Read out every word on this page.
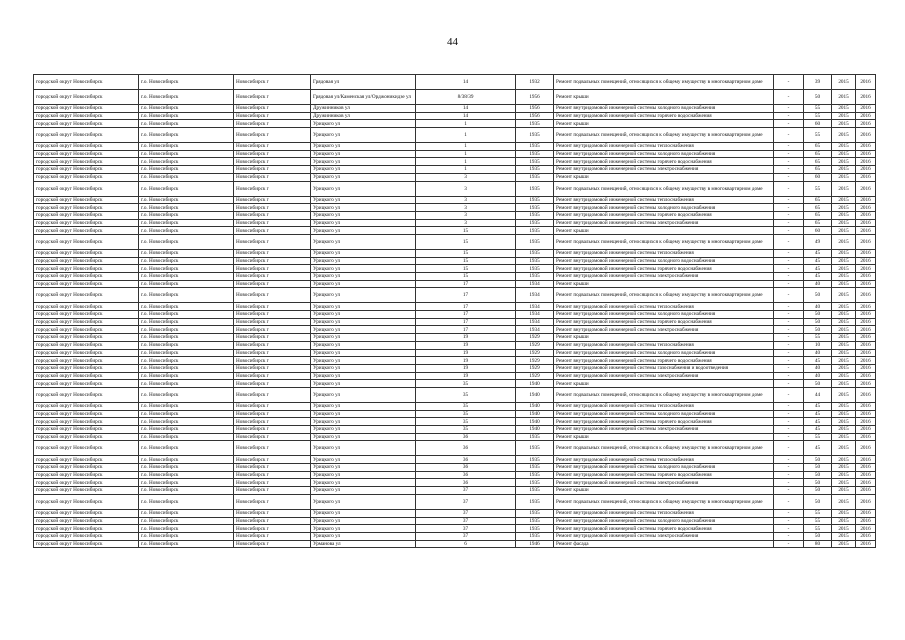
44
городской округ Новосибирск	г.о. Новосибирск	Новосибирск г	Грядовая ул	14	1932	Ремонт подвальных помещений, относящихся к общему имуществу в многоквартирном доме	-	39	2015	2016
городской округ Новосибирск	г.о. Новосибирск	Новосибирск г	Грядовая ул/Каменская ул/Орджоникидзе ул	8/38/39	1956	Ремонт крыши	-	50	2015	2016
городской округ Новосибирск	г.о. Новосибирск	Новосибирск г	Дружинников ул	14	1956	Ремонт внутридомовой инженерной системы холодного водоснабжения	-	55	2015	2016
городской округ Новосибирск	г.о. Новосибирск	Новосибирск г	Дружинников ул	14	1956	Ремонт внутридомовой инженерной системы горячего водоснабжения	-	55	2015	2016
городской округ Новосибирск	г.о. Новосибирск	Новосибирск г	Урицкого ул	1	1935	Ремонт крыши	-	60	2015	2016
городской округ Новосибирск	г.о. Новосибирск	Новосибирск г	Урицкого ул	1	1935	Ремонт подвальных помещений, относящихся к общему имуществу в многоквартирном доме	-	55	2015	2016
городской округ Новосибирск	г.о. Новосибирск	Новосибирск г	Урицкого ул	1	1935	Ремонт внутридомовой инженерной системы теплоснабжения	-	65	2015	2016
городской округ Новосибирск	г.о. Новосибирск	Новосибирск г	Урицкого ул	1	1935	Ремонт внутридомовой инженерной системы холодного водоснабжения	-	65	2015	2016
городской округ Новосибирск	г.о. Новосибирск	Новосибирск г	Урицкого ул	1	1935	Ремонт внутридомовой инженерной системы горячего водоснабжения	-	65	2015	2016
городской округ Новосибирск	г.о. Новосибирск	Новосибирск г	Урицкого ул	1	1935	Ремонт внутридомовой инженерной системы электроснабжения	-	65	2015	2016
городской округ Новосибирск	г.о. Новосибирск	Новосибирск г	Урицкого ул	3	1935	Ремонт крыши	-	60	2015	2016
городской округ Новосибирск	г.о. Новосибирск	Новосибирск г	Урицкого ул	3	1935	Ремонт подвальных помещений, относящихся к общему имуществу в многоквартирном доме	-	55	2015	2016
городской округ Новосибирск	г.о. Новосибирск	Новосибирск г	Урицкого ул	3	1935	Ремонт внутридомовой инженерной системы теплоснабжения	-	65	2015	2016
городской округ Новосибирск	г.о. Новосибирск	Новосибирск г	Урицкого ул	3	1935	Ремонт внутридомовой инженерной системы холодного водоснабжения	-	65	2015	2016
городской округ Новосибирск	г.о. Новосибирск	Новосибирск г	Урицкого ул	3	1935	Ремонт внутридомовой инженерной системы горячего водоснабжения	-	65	2015	2016
городской округ Новосибирск	г.о. Новосибирск	Новосибирск г	Урицкого ул	3	1935	Ремонт внутридомовой инженерной системы электроснабжения	-	65	2015	2016
городской округ Новосибирск	г.о. Новосибирск	Новосибирск г	Урицкого ул	15	1935	Ремонт крыши	-	60	2015	2016
городской округ Новосибирск	г.о. Новосибирск	Новосибирск г	Урицкого ул	15	1935	Ремонт подвальных помещений, относящихся к общему имуществу в многоквартирном доме	-	49	2015	2016
городской округ Новосибирск	г.о. Новосибирск	Новосибирск г	Урицкого ул	15	1935	Ремонт внутридомовой инженерной системы теплоснабжения	-	45	2015	2016
городской округ Новосибирск	г.о. Новосибирск	Новосибирск г	Урицкого ул	15	1935	Ремонт внутридомовой инженерной системы холодного водоснабжения	-	45	2015	2016
городской округ Новосибирск	г.о. Новосибирск	Новосибирск г	Урицкого ул	15	1935	Ремонт внутридомовой инженерной системы горячего водоснабжения	-	45	2015	2016
городской округ Новосибирск	г.о. Новосибирск	Новосибирск г	Урицкого ул	15	1935	Ремонт внутридомовой инженерной системы электроснабжения	-	45	2015	2016
городской округ Новосибирск	г.о. Новосибирск	Новосибирск г	Урицкого ул	17	1934	Ремонт крыши	-	40	2015	2016
городской округ Новосибирск	г.о. Новосибирск	Новосибирск г	Урицкого ул	17	1934	Ремонт подвальных помещений, относящихся к общему имуществу в многоквартирном доме	-	50	2015	2016
городской округ Новосибирск	г.о. Новосибирск	Новосибирск г	Урицкого ул	17	1934	Ремонт внутридомовой инженерной системы теплоснабжения	-	40	2015	2016
городской округ Новосибирск	г.о. Новосибирск	Новосибирск г	Урицкого ул	17	1934	Ремонт внутридомовой инженерной системы холодного водоснабжения	-	50	2015	2016
городской округ Новосибирск	г.о. Новосибирск	Новосибирск г	Урицкого ул	17	1934	Ремонт внутридомовой инженерной системы горячего водоснабжения	-	50	2015	2016
городской округ Новосибирск	г.о. Новосибирск	Новосибирск г	Урицкого ул	17	1934	Ремонт внутридомовой инженерной системы электроснабжения	-	50	2015	2016
городской округ Новосибирск	г.о. Новосибирск	Новосибирск г	Урицкого ул	19	1929	Ремонт крыши	-	55	2015	2016
городской округ Новосибирск	г.о. Новосибирск	Новосибирск г	Урицкого ул	19	1929	Ремонт внутридомовой инженерной системы теплоснабжения	-	10	2015	2016
городской округ Новосибирск	г.о. Новосибирск	Новосибирск г	Урицкого ул	19	1929	Ремонт внутридомовой инженерной системы холодного водоснабжения	-	40	2015	2016
городской округ Новосибирск	г.о. Новосибирск	Новосибирск г	Урицкого ул	19	1929	Ремонт внутридомовой инженерной системы горячего водоснабжения	-	45	2015	2016
городской округ Новосибирск	г.о. Новосибирск	Новосибирск г	Урицкого ул	19	1929	Ремонт внутридомовой инженерной системы газоснабжения и водоотведения	-	40	2015	2016
городской округ Новосибирск	г.о. Новосибирск	Новосибирск г	Урицкого ул	19	1929	Ремонт внутридомовой инженерной системы электроснабжения	-	40	2015	2016
городской округ Новосибирск	г.о. Новосибирск	Новосибирск г	Урицкого ул	35	1940	Ремонт крыши	-	50	2015	2016
городской округ Новосибирск	г.о. Новосибирск	Новосибирск г	Урицкого ул	35	1940	Ремонт подвальных помещений, относящихся к общему имуществу в многоквартирном доме	-	44	2015	2016
городской округ Новосибирск	г.о. Новосибирск	Новосибирск г	Урицкого ул	35	1940	Ремонт внутридомовой инженерной системы теплоснабжения	-	45	2015	2016
городской округ Новосибирск	г.о. Новосибирск	Новосибирск г	Урицкого ул	35	1940	Ремонт внутридомовой инженерной системы холодного водоснабжения	-	45	2015	2016
городской округ Новосибирск	г.о. Новосибирск	Новосибирск г	Урицкого ул	35	1940	Ремонт внутридомовой инженерной системы горячего водоснабжения	-	45	2015	2016
городской округ Новосибирск	г.о. Новосибирск	Новосибирск г	Урицкого ул	35	1940	Ремонт внутридомовой инженерной системы электроснабжения	-	45	2015	2016
городской округ Новосибирск	г.о. Новосибирск	Новосибирск г	Урицкого ул	36	1935	Ремонт крыши	-	55	2015	2016
городской округ Новосибирск	г.о. Новосибирск	Новосибирск г	Урицкого ул	36	1935	Ремонт подвальных помещений, относящихся к общему имуществу в многоквартирном доме	-	45	2015	2016
городской округ Новосибирск	г.о. Новосибирск	Новосибирск г	Урицкого ул	36	1935	Ремонт внутридомовой инженерной системы теплоснабжения	-	50	2015	2016
городской округ Новосибирск	г.о. Новосибирск	Новосибирск г	Урицкого ул	36	1935	Ремонт внутридомовой инженерной системы холодного водоснабжения	-	50	2015	2016
городской округ Новосибирск	г.о. Новосибирск	Новосибирск г	Урицкого ул	36	1935	Ремонт внутридомовой инженерной системы горячего водоснабжения	-	50	2015	2016
городской округ Новосибирск	г.о. Новосибирск	Новосибирск г	Урицкого ул	36	1935	Ремонт внутридомовой инженерной системы электроснабжения	-	50	2015	2016
городской округ Новосибирск	г.о. Новосибирск	Новосибирск г	Урицкого ул	37	1935	Ремонт крыши	-	50	2015	2016
городской округ Новосибирск	г.о. Новосибирск	Новосибирск г	Урицкого ул	37	1935	Ремонт подвальных помещений, относящихся к общему имуществу в многоквартирном доме	-	50	2015	2016
городской округ Новосибирск	г.о. Новосибирск	Новосибирск г	Урицкого ул	37	1935	Ремонт внутридомовой инженерной системы теплоснабжения	-	55	2015	2016
городской округ Новосибирск	г.о. Новосибирск	Новосибирск г	Урицкого ул	37	1935	Ремонт внутридомовой инженерной системы холодного водоснабжения	-	55	2015	2016
городской округ Новосибирск	г.о. Новосибирск	Новосибирск г	Урицкого ул	37	1935	Ремонт внутридомовой инженерной системы горячего водоснабжения	-	55	2015	2016
городской округ Новосибирск	г.о. Новосибирск	Новосибирск г	Урицкого ул	37	1935	Ремонт внутридомовой инженерной системы электроснабжения	-	50	2015	2016
городской округ Новосибирск	г.о. Новосибирск	Новосибирск г	Урманова ул	6	1946	Ремонт фасада	-	80	2015	2016
